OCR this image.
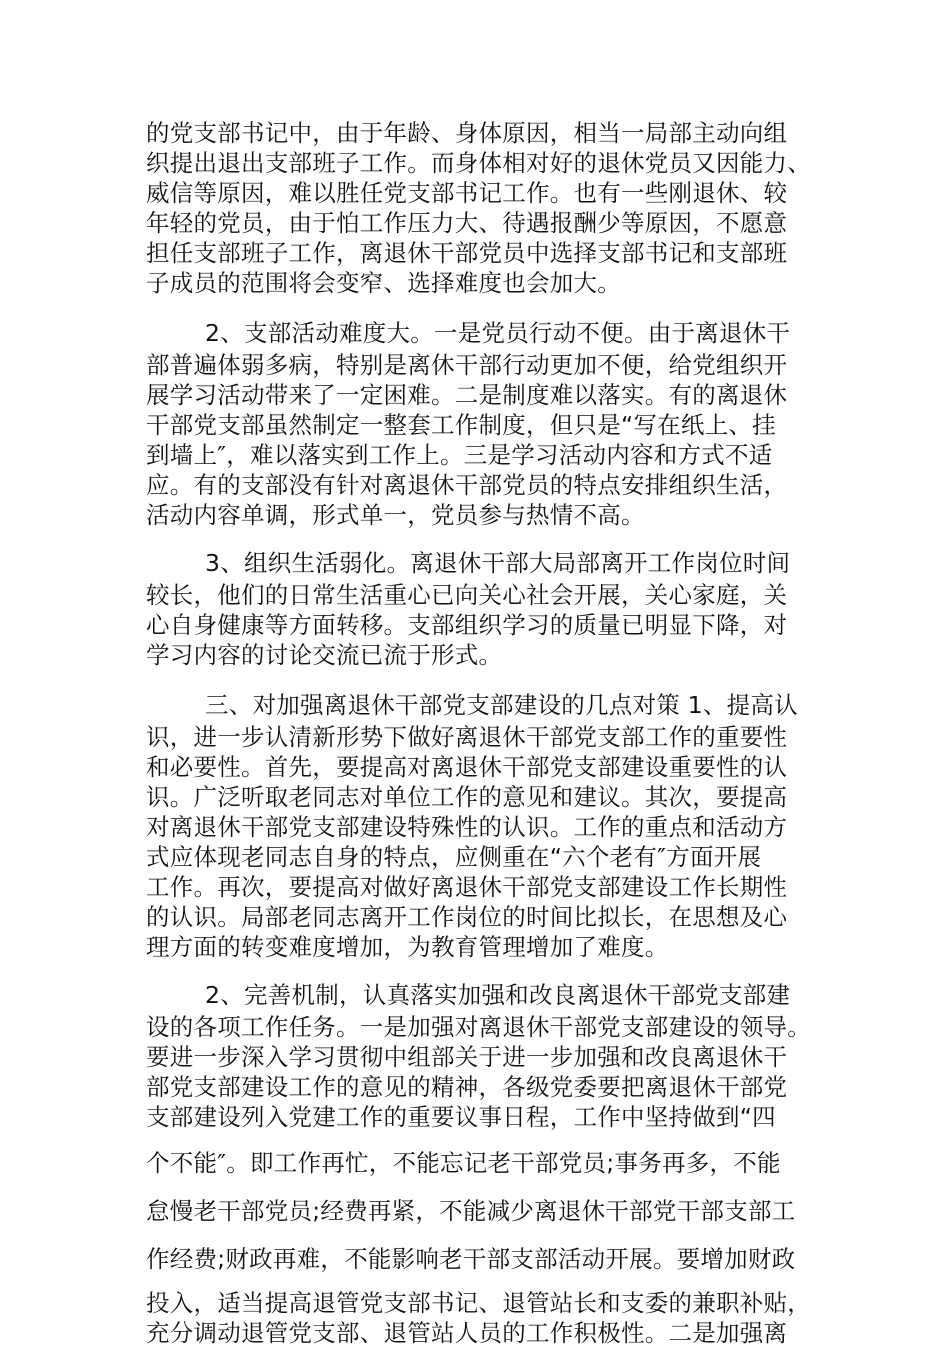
的党支部书记中，由于年龄、身体原因，相当一局部主动向组
织提出退出支部班子工作。而身体相对好的退休党员又因能力、
威信等原因，难以胜任党支部书记工作。也有一些刚退休、较
年轻的党员，由于怕工作压力大、待遇报酬少等原因，不愿意
担任支部班子工作，离退休干部党员中选择支部书记和支部班
子成员的范围将会变窄、选择难度也会加大。
2、支部活动难度大。一是党员行动不便。由于离退休干
部普遍体弱多病，特别是离休干部行动更加不便，给党组织开
展学习活动带来了一定困难。二是制度难以落实。有的离退休
干部党支部虽然制定一整套工作制度，但只是“写在纸上、挂
到墙上″，难以落实到工作上。三是学习活动内容和方式不适
应。有的支部没有针对离退休干部党员的特点安排组织生活，
活动内容单调，形式单一，党员参与热情不高。
3、组织生活弱化。离退休干部大局部离开工作岗位时间
较长，他们的日常生活重心已向关心社会开展，关心家庭，关
心自身健康等方面转移。支部组织学习的质量已明显下降，对
学习内容的讨论交流已流于形式。
三、对加强离退休干部党支部建设的几点对策 1、提高认
识，进一步认清新形势下做好离退休干部党支部工作的重要性
和必要性。首先，要提高对离退休干部党支部建设重要性的认
识。广泛听取老同志对单位工作的意见和建议。其次，要提高
对离退休干部党支部建设特殊性的认识。工作的重点和活动方
式应体现老同志自身的特点，应侧重在“六个老有″方面开展
工作。再次，要提高对做好离退休干部党支部建设工作长期性
的认识。局部老同志离开工作岗位的时间比拟长，在思想及心
理方面的转变难度增加，为教育管理增加了难度。
2、完善机制，认真落实加强和改良离退休干部党支部建
设的各项工作任务。一是加强对离退休干部党支部建设的领导。
要进一步深入学习贯彻中组部关于进一步加强和改良离退休干
部党支部建设工作的意见的精神，各级党委要把离退休干部党
支部建设列入党建工作的重要议事日程，工作中坚持做到“四
个不能″。即工作再忙，不能忘记老干部党员;事务再多，不能
怠慢老干部党员;经费再紧，不能减少离退休干部党干部支部工
作经费;财政再难，不能影响老干部支部活动开展。要增加财政
投入，适当提高退管党支部书记、退管站长和支委的兼职补贴，
充分调动退管党支部、退管站人员的工作积极性。二是加强离
